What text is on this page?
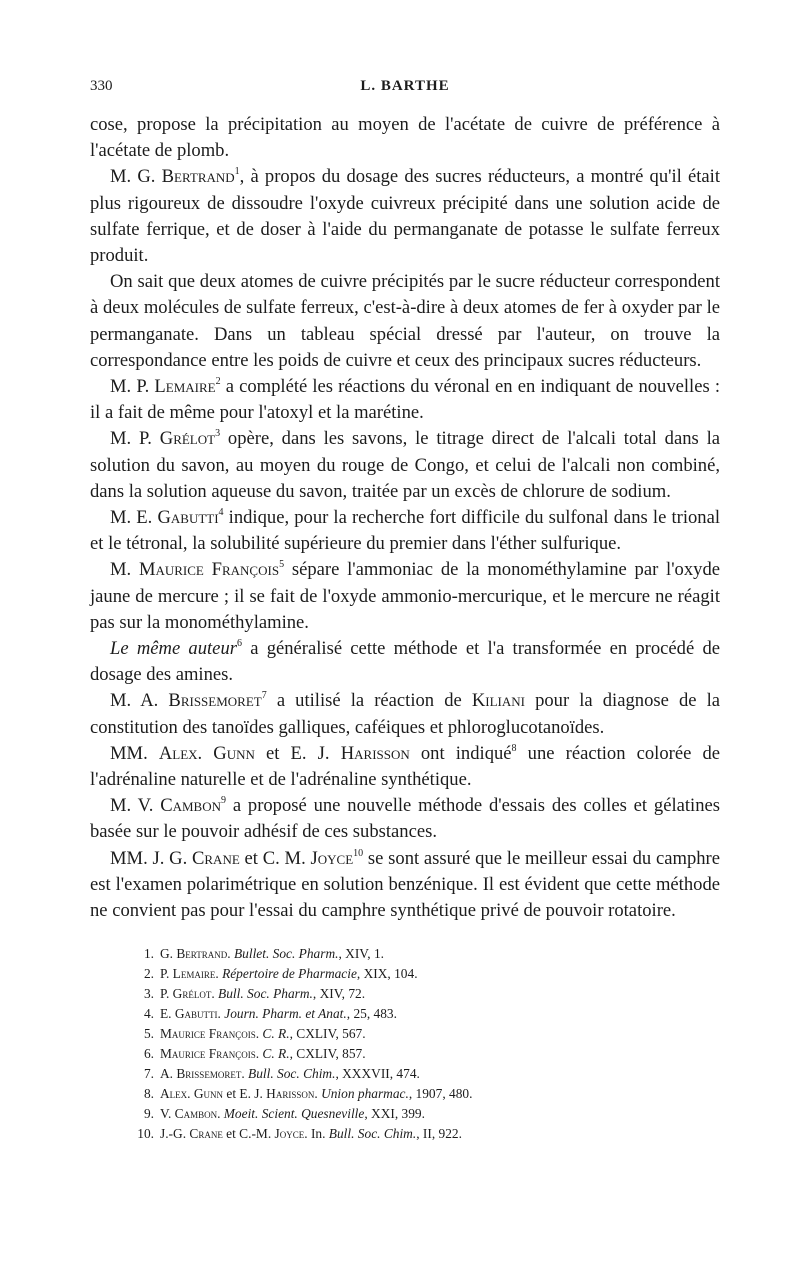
330	L. BARTHE

cose, propose la précipitation au moyen de l'acétate de cuivre de préférence à l'acétate de plomb.

M. G. Bertrand$^1$, à propos du dosage des sucres réducteurs, a montré qu'il était plus rigoureux de dissoudre l'oxyde cuivreux précipité dans une solution acide de sulfate ferrique, et de doser à l'aide du permanganate de potasse le sulfate ferreux produit.

On sait que deux atomes de cuivre précipités par le sucre réducteur correspondent à deux molécules de sulfate ferreux, c'est-à-dire à deux atomes de fer à oxyder par le permanganate. Dans un tableau spécial dressé par l'auteur, on trouve la correspondance entre les poids de cuivre et ceux des principaux sucres réducteurs.

M. P. Lemaire$^2$ a complété les réactions du véronal en en indiquant de nouvelles : il a fait de même pour l'atoxyl et la marétine.

M. P. Grélot$^3$ opère, dans les savons, le titrage direct de l'alcali total dans la solution du savon, au moyen du rouge de Congo, et celui de l'alcali non combiné, dans la solution aqueuse du savon, traitée par un excès de chlorure de sodium.

M. E. Gabutti$^4$ indique, pour la recherche fort difficile du sulfonal dans le trional et le tétronal, la solubilité supérieure du premier dans l'éther sulfurique.

M. Maurice François$^5$ sépare l'ammoniac de la monométhylamine par l'oxyde jaune de mercure ; il se fait de l'oxyde ammonio-mercurique, et le mercure ne réagit pas sur la monométhylamine.

Le même auteur$^6$ a généralisé cette méthode et l'a transformée en procédé de dosage des amines.

M. A. Brissemoret$^7$ a utilisé la réaction de Kiliani pour la diagnose de la constitution des tanoïdes galliques, caféiques et phloroglucotanoïdes.

MM. Alex. Gunn et E. J. Harisson ont indiqué$^8$ une réaction colorée de l'adrénaline naturelle et de l'adrénaline synthétique.

M. V. Cambon$^9$ a proposé une nouvelle méthode d'essais des colles et gélatines basée sur le pouvoir adhésif de ces substances.

MM. J. G. Crane et C. M. Joyce$^{10}$ se sont assuré que le meilleur essai du camphre est l'examen polarimétrique en solution benzénique. Il est évident que cette méthode ne convient pas pour l'essai du camphre synthétique privé de pouvoir rotatoire.

1. G. Bertrand. Bullet. Soc. Pharm., XIV, 1.
2. P. Lemaire. Répertoire de Pharmacie, XIX, 104.
3. P. Grélot. Bull. Soc. Pharm., XIV, 72.
4. E. Gabutti. Journ. Pharm. et Anat., 25, 483.
5. Maurice François. C. R., CXLIV, 567.
6. Maurice François. C. R., CXLIV, 857.
7. A. Brissemoret. Bull. Soc. Chim., XXXVII, 474.
8. Alex. Gunn et E. J. Harisson. Union pharmac., 1907, 480.
9. V. Cambon. Moeit. Scient. Quesneville, XXI, 399.
10. J.-G. Crane et C.-M. Joyce. In. Bull. Soc. Chim., II, 922.
